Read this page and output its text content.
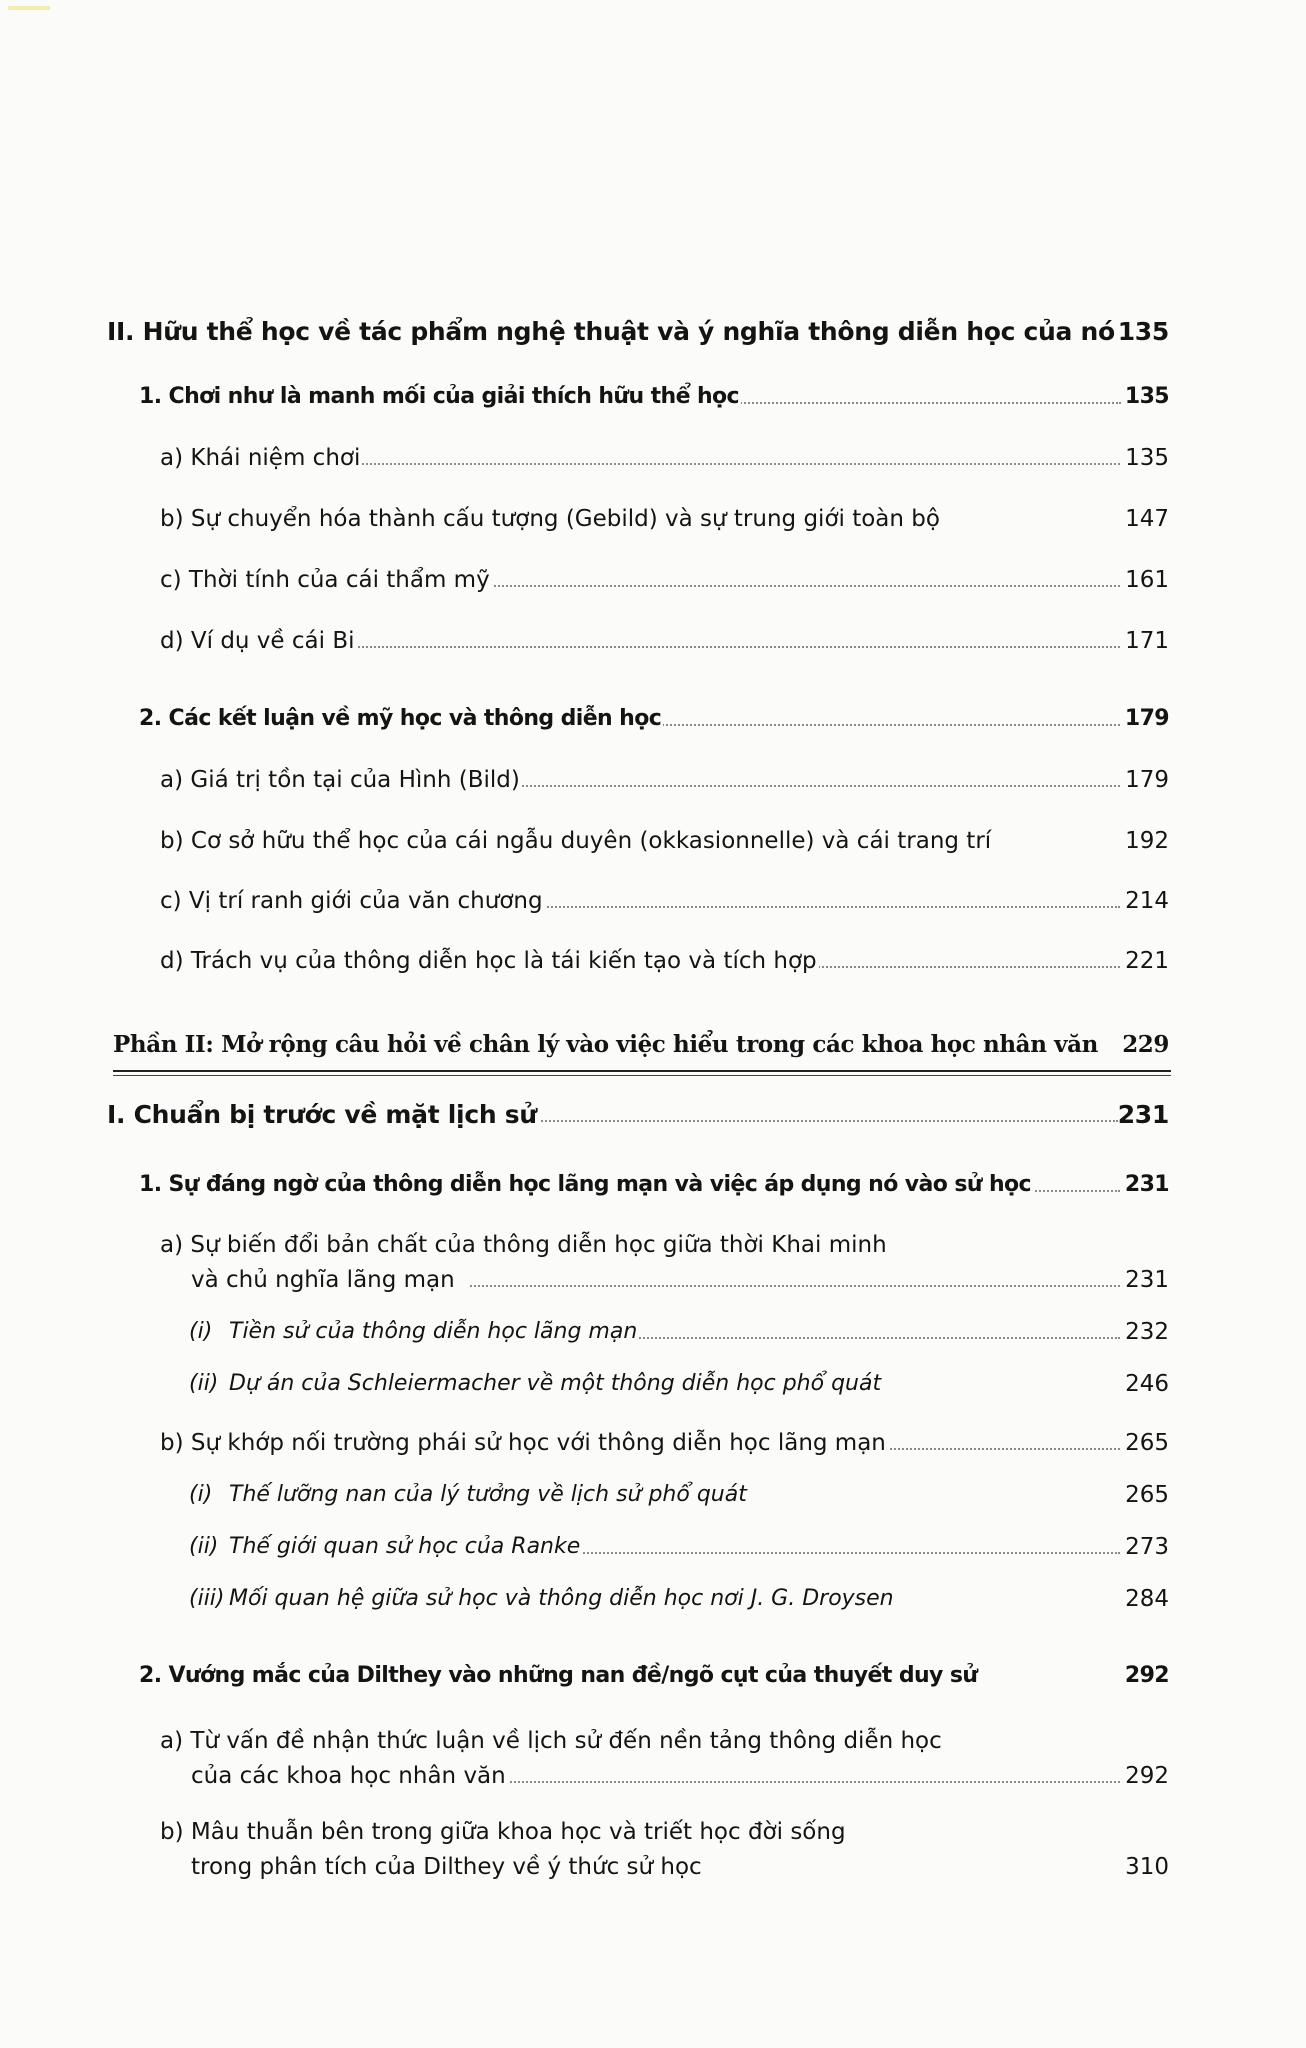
II. Hữu thể học về tác phẩm nghệ thuật và ý nghĩa thông diễn học của nó 135
1. Chơi như là manh mối của giải thích hữu thể học	135
a) Khái niệm chơi	135
b) Sự chuyển hóa thành cấu tượng (Gebild) và sự trung giới toàn bộ	147
c) Thời tính của cái thẩm mỹ	161
d) Ví dụ về cái Bi	171
2. Các kết luận về mỹ học và thông diễn học	179
a) Giá trị tồn tại của Hình (Bild)	179
b) Cơ sở hữu thể học của cái ngẫu duyên (okkasionnelle) và cái trang trí	192
c) Vị trí ranh giới của văn chương	214
d) Trách vụ của thông diễn học là tái kiến tạo và tích hợp	221
Phần II: Mở rộng câu hỏi về chân lý vào việc hiểu trong các khoa học nhân văn 229
I. Chuẩn bị trước về mặt lịch sử	231
1. Sự đáng ngờ của thông diễn học lãng mạn và việc áp dụng nó vào sử học	231
a) Sự biến đổi bản chất của thông diễn học giữa thời Khai minh
và chủ nghĩa lãng mạn	231
(i) Tiền sử của thông diễn học lãng mạn	232
(ii) Dự án của Schleiermacher về một thông diễn học phổ quát	246
b) Sự khớp nối trường phái sử học với thông diễn học lãng mạn	265
(i) Thế lưỡng nan của lý tưởng về lịch sử phổ quát	265
(ii) Thế giới quan sử học của Ranke	273
(iii) Mối quan hệ giữa sử học và thông diễn học nơi J. G. Droysen	284
2. Vướng mắc của Dilthey vào những nan đề/ngõ cụt của thuyết duy sử	292
a) Từ vấn đề nhận thức luận về lịch sử đến nền tảng thông diễn học
của các khoa học nhân văn	292
b) Mâu thuẫn bên trong giữa khoa học và triết học đời sống
trong phân tích của Dilthey về ý thức sử học	310
